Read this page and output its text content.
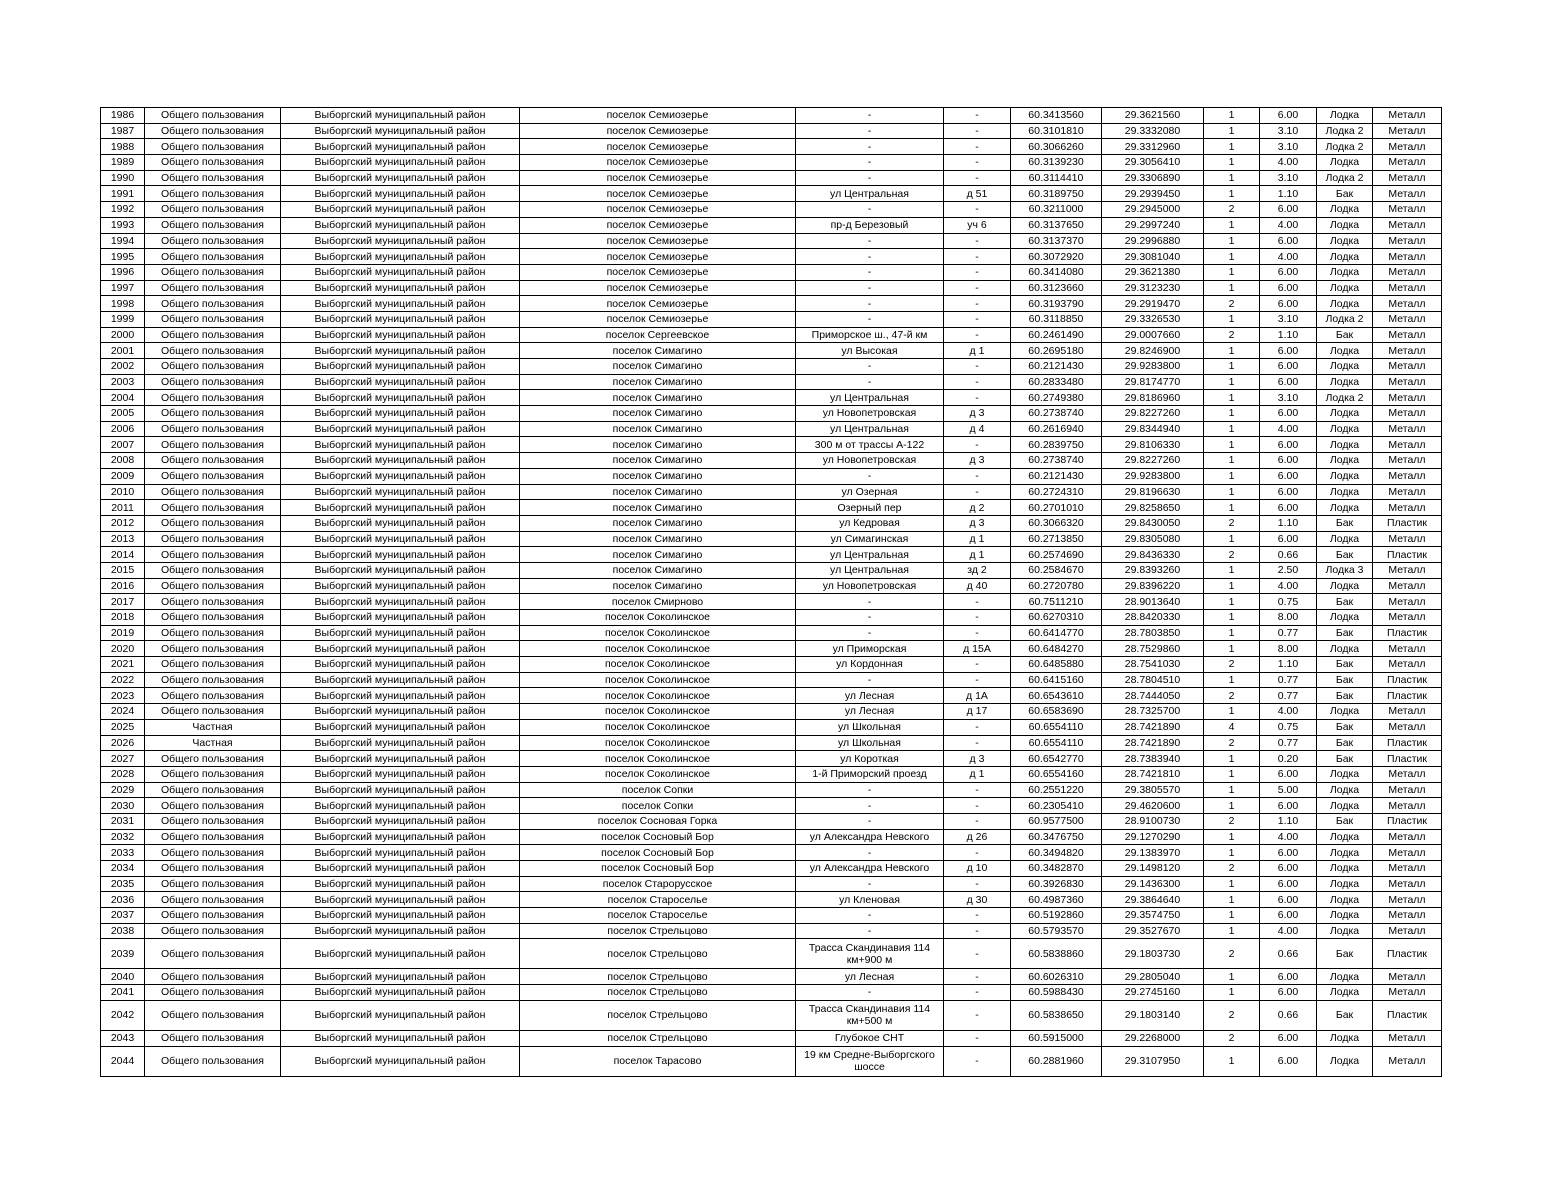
1986	Общего пользования	Выборгский муниципальный район	поселок Семиозерье	-	-	60.3413560	29.3621560	1	6.00	Лодка	Металл
1987	Общего пользования	Выборгский муниципальный район	поселок Семиозерье	-	-	60.3101810	29.3332080	1	3.10	Лодка 2	Металл
1988	Общего пользования	Выборгский муниципальный район	поселок Семиозерье	-	-	60.3066260	29.3312960	1	3.10	Лодка 2	Металл
1989	Общего пользования	Выборгский муниципальный район	поселок Семиозерье	-	-	60.3139230	29.3056410	1	4.00	Лодка	Металл
1990	Общего пользования	Выборгский муниципальный район	поселок Семиозерье	-	-	60.3114410	29.3306890	1	3.10	Лодка 2	Металл
1991	Общего пользования	Выборгский муниципальный район	поселок Семиозерье	ул Центральная	д 51	60.3189750	29.2939450	1	1.10	Бак	Металл
1992	Общего пользования	Выборгский муниципальный район	поселок Семиозерье	-	-	60.3211000	29.2945000	2	6.00	Лодка	Металл
1993	Общего пользования	Выборгский муниципальный район	поселок Семиозерье	пр-д Березовый	уч 6	60.3137650	29.2997240	1	4.00	Лодка	Металл
1994	Общего пользования	Выборгский муниципальный район	поселок Семиозерье	-	-	60.3137370	29.2996880	1	6.00	Лодка	Металл
1995	Общего пользования	Выборгский муниципальный район	поселок Семиозерье	-	-	60.3072920	29.3081040	1	4.00	Лодка	Металл
1996	Общего пользования	Выборгский муниципальный район	поселок Семиозерье	-	-	60.3414080	29.3621380	1	6.00	Лодка	Металл
1997	Общего пользования	Выборгский муниципальный район	поселок Семиозерье	-	-	60.3123660	29.3123230	1	6.00	Лодка	Металл
1998	Общего пользования	Выборгский муниципальный район	поселок Семиозерье	-	-	60.3193790	29.2919470	2	6.00	Лодка	Металл
1999	Общего пользования	Выборгский муниципальный район	поселок Семиозерье	-	-	60.3118850	29.3326530	1	3.10	Лодка 2	Металл
2000	Общего пользования	Выборгский муниципальный район	поселок Сергеевское	Приморское ш., 47-й км	-	60.2461490	29.0007660	2	1.10	Бак	Металл
2001	Общего пользования	Выборгский муниципальный район	поселок Симагино	ул Высокая	д 1	60.2695180	29.8246900	1	6.00	Лодка	Металл
2002	Общего пользования	Выборгский муниципальный район	поселок Симагино	-	-	60.2121430	29.9283800	1	6.00	Лодка	Металл
2003	Общего пользования	Выборгский муниципальный район	поселок Симагино	-	-	60.2833480	29.8174770	1	6.00	Лодка	Металл
2004	Общего пользования	Выборгский муниципальный район	поселок Симагино	ул Центральная	-	60.2749380	29.8186960	1	3.10	Лодка 2	Металл
2005	Общего пользования	Выборгский муниципальный район	поселок Симагино	ул Новопетровская	д 3	60.2738740	29.8227260	1	6.00	Лодка	Металл
2006	Общего пользования	Выборгский муниципальный район	поселок Симагино	ул Центральная	д 4	60.2616940	29.8344940	1	4.00	Лодка	Металл
2007	Общего пользования	Выборгский муниципальный район	поселок Симагино	300 м от трассы А-122	-	60.2839750	29.8106330	1	6.00	Лодка	Металл
2008	Общего пользования	Выборгский муниципальный район	поселок Симагино	ул Новопетровская	д 3	60.2738740	29.8227260	1	6.00	Лодка	Металл
2009	Общего пользования	Выборгский муниципальный район	поселок Симагино	-	-	60.2121430	29.9283800	1	6.00	Лодка	Металл
2010	Общего пользования	Выборгский муниципальный район	поселок Симагино	ул Озерная	-	60.2724310	29.8196630	1	6.00	Лодка	Металл
2011	Общего пользования	Выборгский муниципальный район	поселок Симагино	Озерный пер	д 2	60.2701010	29.8258650	1	6.00	Лодка	Металл
2012	Общего пользования	Выборгский муниципальный район	поселок Симагино	ул Кедровая	д 3	60.3066320	29.8430050	2	1.10	Бак	Пластик
2013	Общего пользования	Выборгский муниципальный район	поселок Симагино	ул Симагинская	д 1	60.2713850	29.8305080	1	6.00	Лодка	Металл
2014	Общего пользования	Выборгский муниципальный район	поселок Симагино	ул Центральная	д 1	60.2574690	29.8436330	2	0.66	Бак	Пластик
2015	Общего пользования	Выборгский муниципальный район	поселок Симагино	ул Центральная	зд 2	60.2584670	29.8393260	1	2.50	Лодка 3	Металл
2016	Общего пользования	Выборгский муниципальный район	поселок Симагино	ул Новопетровская	д 40	60.2720780	29.8396220	1	4.00	Лодка	Металл
2017	Общего пользования	Выборгский муниципальный район	поселок Смирново	-	-	60.7511210	28.9013640	1	0.75	Бак	Металл
2018	Общего пользования	Выборгский муниципальный район	поселок Соколинское	-	-	60.6270310	28.8420330	1	8.00	Лодка	Металл
2019	Общего пользования	Выборгский муниципальный район	поселок Соколинское	-	-	60.6414770	28.7803850	1	0.77	Бак	Пластик
2020	Общего пользования	Выборгский муниципальный район	поселок Соколинское	ул Приморская	д 15А	60.6484270	28.7529860	1	8.00	Лодка	Металл
2021	Общего пользования	Выборгский муниципальный район	поселок Соколинское	ул Кордонная	-	60.6485880	28.7541030	2	1.10	Бак	Металл
2022	Общего пользования	Выборгский муниципальный район	поселок Соколинское	-	-	60.6415160	28.7804510	1	0.77	Бак	Пластик
2023	Общего пользования	Выборгский муниципальный район	поселок Соколинское	ул Лесная	д 1А	60.6543610	28.7444050	2	0.77	Бак	Пластик
2024	Общего пользования	Выборгский муниципальный район	поселок Соколинское	ул Лесная	д 17	60.6583690	28.7325700	1	4.00	Лодка	Металл
2025	Частная	Выборгский муниципальный район	поселок Соколинское	ул Школьная	-	60.6554110	28.7421890	4	0.75	Бак	Металл
2026	Частная	Выборгский муниципальный район	поселок Соколинское	ул Школьная	-	60.6554110	28.7421890	2	0.77	Бак	Пластик
2027	Общего пользования	Выборгский муниципальный район	поселок Соколинское	ул Короткая	д 3	60.6542770	28.7383940	1	0.20	Бак	Пластик
2028	Общего пользования	Выборгский муниципальный район	поселок Соколинское	1-й Приморский проезд	д 1	60.6554160	28.7421810	1	6.00	Лодка	Металл
2029	Общего пользования	Выборгский муниципальный район	поселок Сопки	-	-	60.2551220	29.3805570	1	5.00	Лодка	Металл
2030	Общего пользования	Выборгский муниципальный район	поселок Сопки	-	-	60.2305410	29.4620600	1	6.00	Лодка	Металл
2031	Общего пользования	Выборгский муниципальный район	поселок Сосновая Горка	-	-	60.9577500	28.9100730	2	1.10	Бак	Пластик
2032	Общего пользования	Выборгский муниципальный район	поселок Сосновый Бор	ул Александра Невского	д 26	60.3476750	29.1270290	1	4.00	Лодка	Металл
2033	Общего пользования	Выборгский муниципальный район	поселок Сосновый Бор	-	-	60.3494820	29.1383970	1	6.00	Лодка	Металл
2034	Общего пользования	Выборгский муниципальный район	поселок Сосновый Бор	ул Александра Невского	д 10	60.3482870	29.1498120	2	6.00	Лодка	Металл
2035	Общего пользования	Выборгский муниципальный район	поселок Старорусское	-	-	60.3926830	29.1436300	1	6.00	Лодка	Металл
2036	Общего пользования	Выборгский муниципальный район	поселок Староселье	ул Кленовая	д 30	60.4987360	29.3864640	1	6.00	Лодка	Металл
2037	Общего пользования	Выборгский муниципальный район	поселок Староселье	-	-	60.5192860	29.3574750	1	6.00	Лодка	Металл
2038	Общего пользования	Выборгский муниципальный район	поселок Стрельцово	-	-	60.5793570	29.3527670	1	4.00	Лодка	Металл
2039	Общего пользования	Выборгский муниципальный район	поселок Стрельцово	Трасса Скандинавия 114 км+900 м	-	60.5838860	29.1803730	2	0.66	Бак	Пластик
2040	Общего пользования	Выборгский муниципальный район	поселок Стрельцово	ул Лесная	-	60.6026310	29.2805040	1	6.00	Лодка	Металл
2041	Общего пользования	Выборгский муниципальный район	поселок Стрельцово	-	-	60.5988430	29.2745160	1	6.00	Лодка	Металл
2042	Общего пользования	Выборгский муниципальный район	поселок Стрельцово	Трасса Скандинавия 114 км+500 м	-	60.5838650	29.1803140	2	0.66	Бак	Пластик
2043	Общего пользования	Выборгский муниципальный район	поселок Стрельцово	Глубокое СНТ	-	60.5915000	29.2268000	2	6.00	Лодка	Металл
2044	Общего пользования	Выборгский муниципальный район	поселок Тарасово	19 км Средне-Выборгского шоссе	-	60.2881960	29.3107950	1	6.00	Лодка	Металл
